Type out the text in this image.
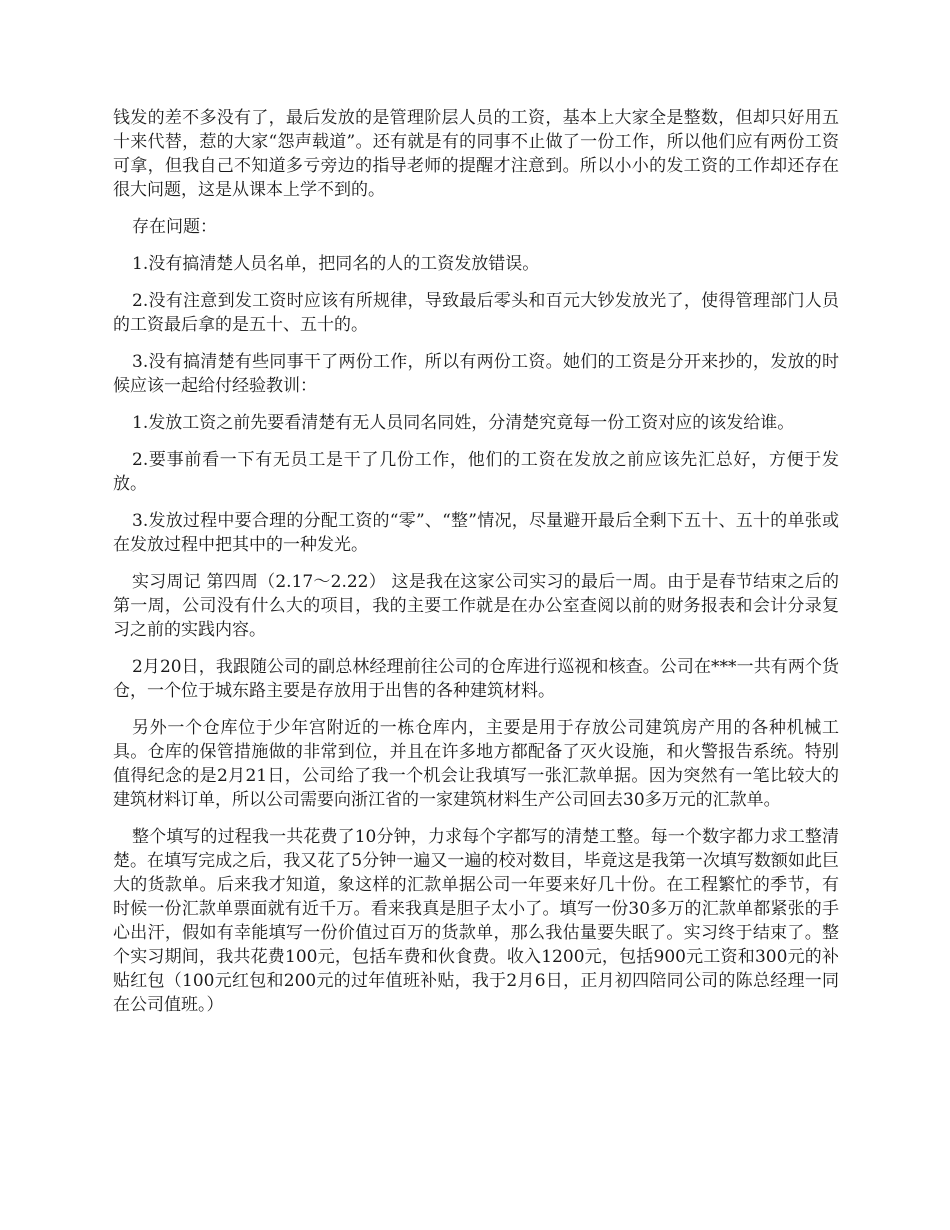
钱发的差不多没有了，最后发放的是管理阶层人员的工资，基本上大家全是整数，但却只好用五十来代替，惹的大家“怨声载道”。还有就是有的同事不止做了一份工作，所以他们应有两份工资可拿，但我自己不知道多亏旁边的指导老师的提醒才注意到。所以小小的发工资的工作却还存在很大问题，这是从课本上学不到的。

存在问题：

1.没有搞清楚人员名单，把同名的人的工资发放错误。

2.没有注意到发工资时应该有所规律，导致最后零头和百元大钞发放光了，使得管理部门人员的工资最后拿的是五十、五十的。

3.没有搞清楚有些同事干了两份工作，所以有两份工资。她们的工资是分开来抄的，发放的时候应该一起给付经验教训：

1.发放工资之前先要看清楚有无人员同名同姓，分清楚究竟每一份工资对应的该发给谁。

2.要事前看一下有无员工是干了几份工作，他们的工资在发放之前应该先汇总好，方便于发放。

3.发放过程中要合理的分配工资的“零”、“整”情况，尽量避开最后全剩下五十、五十的单张或在发放过程中把其中的一种发光。

实习周记 第四周（2.17～2.22） 这是我在这家公司实习的最后一周。由于是春节结束之后的第一周，公司没有什么大的项目，我的主要工作就是在办公室查阅以前的财务报表和会计分录复习之前的实践内容。

2月20日，我跟随公司的副总林经理前往公司的仓库进行巡视和核查。公司在***一共有两个货仓，一个位于城东路主要是存放用于出售的各种建筑材料。

另外一个仓库位于少年宫附近的一栋仓库内，主要是用于存放公司建筑房产用的各种机械工具。仓库的保管措施做的非常到位，并且在许多地方都配备了灭火设施，和火警报告系统。特别值得纪念的是2月21日，公司给了我一个机会让我填写一张汇款单据。因为突然有一笔比较大的建筑材料订单，所以公司需要向浙江省的一家建筑材料生产公司回去30多万元的汇款单。

整个填写的过程我一共花费了10分钟，力求每个字都写的清楚工整。每一个数字都力求工整清楚。在填写完成之后，我又花了5分钟一遍又一遍的校对数目，毕竟这是我第一次填写数额如此巨大的货款单。后来我才知道，象这样的汇款单据公司一年要来好几十份。在工程繁忙的季节，有时候一份汇款单票面就有近千万。看来我真是胆子太小了。填写一份30多万的汇款单都紧张的手心出汗，假如有幸能填写一份价值过百万的货款单，那么我估量要失眠了。实习终于结束了。整个实习期间，我共花费100元，包括车费和伙食费。收入1200元，包括900元工资和300元的补贴红包（100元红包和200元的过年值班补贴，我于2月6日，正月初四陪同公司的陈总经理一同在公司值班。）
